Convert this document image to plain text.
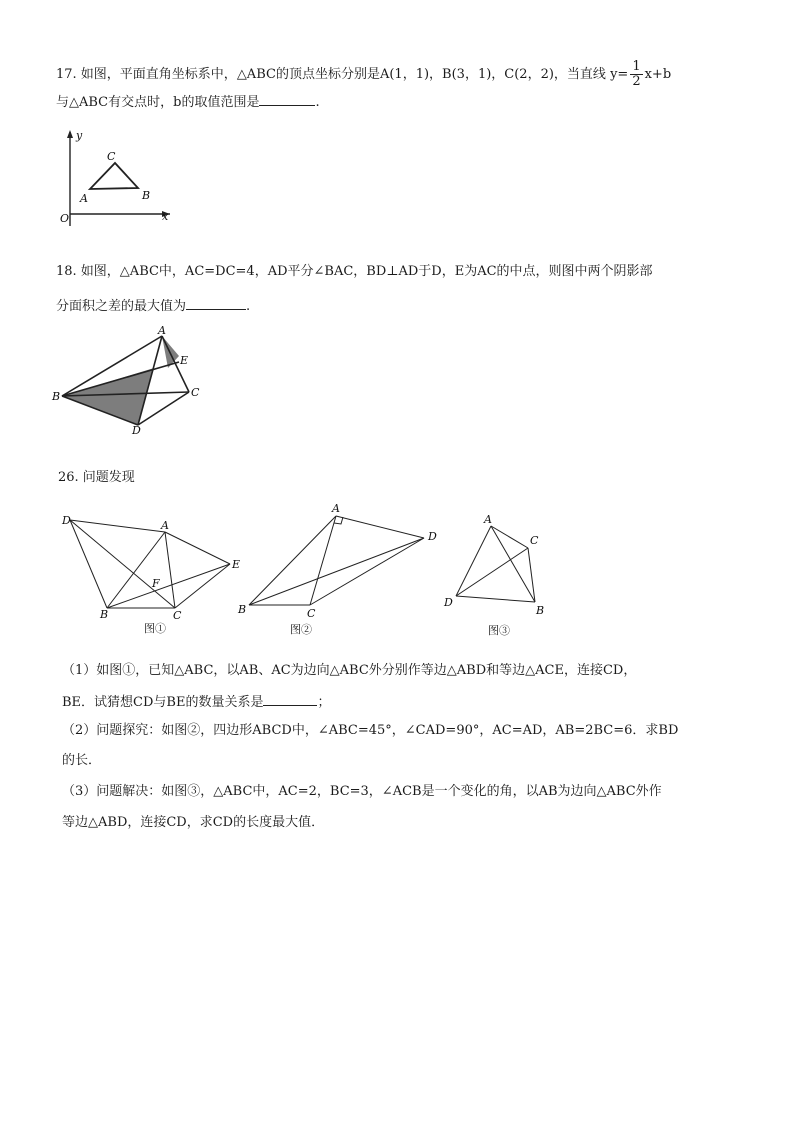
17. 如图，平面直角坐标系中，△ABC的顶点坐标分别是A(1，1)，B(3，1)，C(2，2)，当直线 $y= \frac{1}{2} x+b$
与△ABC有交点时，b的取值范围是	.
y
C
A	B
O	x
18. 如图，△ABC中，AC=DC=4，AD平分∠BAC，BD⊥AD于D，E为AC的中点，则图中两个阴影部
分面积之差的最大值为	.
A
E
B	C
D
26. 问题发现
D	A
E
F
B	C
图①
A
D
B	C
图②
A
C
D
B
图③
（1）如图①，已知△ABC，以AB、AC为边向△ABC外分别作等边△ABD和等边△ACE，连接CD，
BE．试猜想CD与BE的数量关系是	；
（2）问题探究：如图②，四边形ABCD中，∠ABC=45°，∠CAD=90°，AC=AD，AB=2BC=6．求BD
的长．
（3）问题解决：如图③，△ABC中，AC=2，BC=3，∠ACB是一个变化的角，以AB为边向△ABC外作
等边△ABD，连接CD，求CD的长度最大值．
